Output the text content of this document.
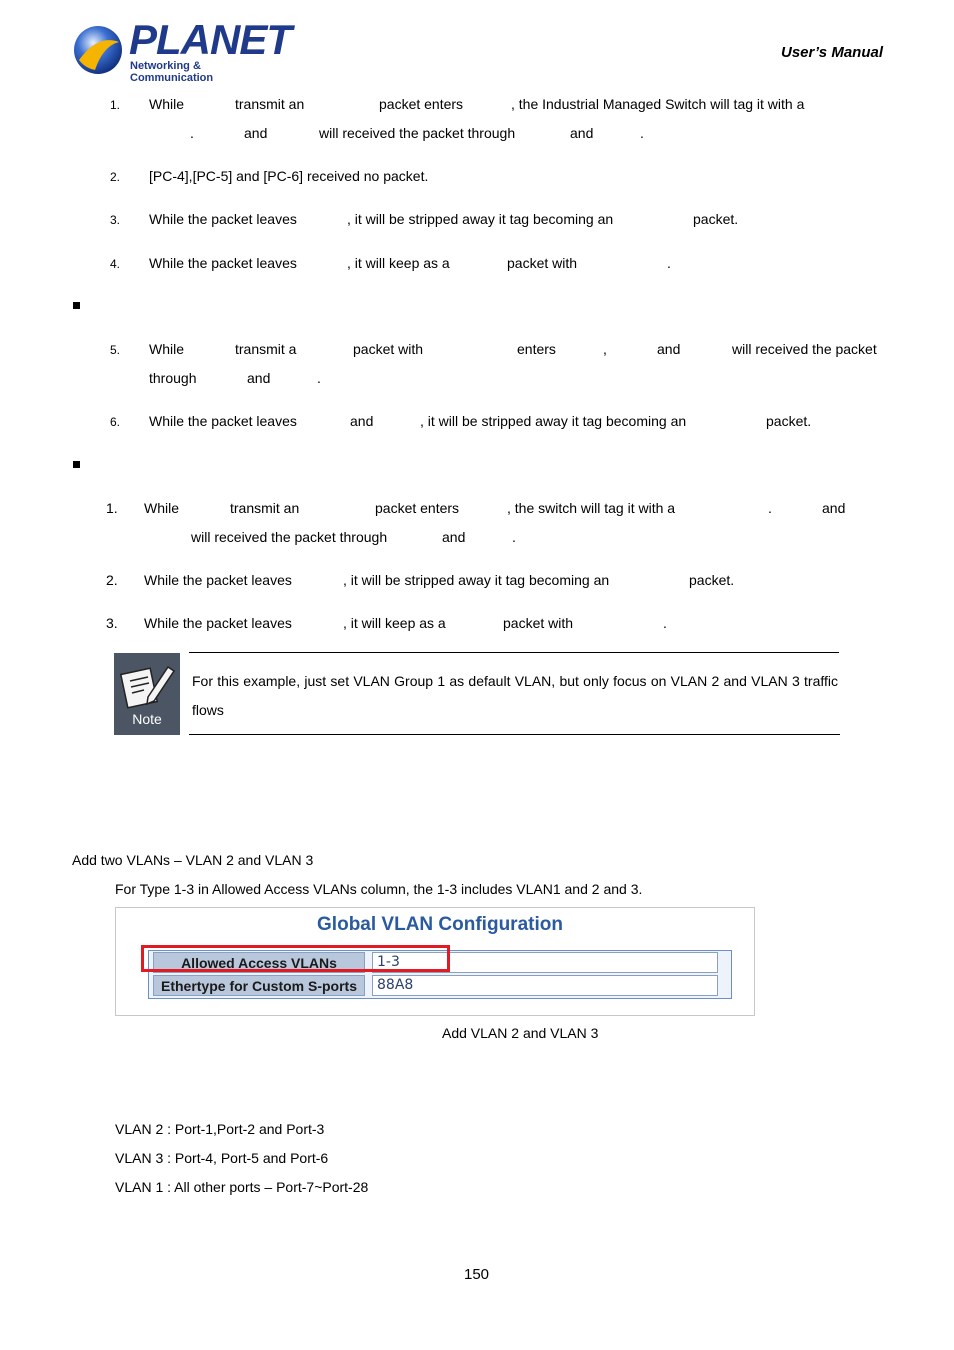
PLANET
Networking & Communication
User’s Manual
1. While	transmit an	packet enters	, the Industrial Managed Switch will tag it with a
.	and	will received the packet through	and	.
2. [PC-4],[PC-5] and [PC-6] received no packet.
3. While the packet leaves	, it will be stripped away it tag becoming an	packet.
4. While the packet leaves	, it will keep as a	packet with	.
5. While	transmit a	packet with	enters	,	and	will received the packet
through	and	.
6. While the packet leaves	and	, it will be stripped away it tag becoming an	packet.
1. While	transmit an	packet enters	, the switch will tag it with a	.	and
will received the packet through	and	.
2. While the packet leaves	, it will be stripped away it tag becoming an	packet.
3. While the packet leaves	, it will keep as a	packet with	.
Note
For this example, just set VLAN Group 1 as default VLAN, but only focus on VLAN 2 and VLAN 3 traffic flows
Add two VLANs – VLAN 2 and VLAN 3
For Type 1-3 in Allowed Access VLANs column, the 1-3 includes VLAN1 and 2 and 3.
Global VLAN Configuration
Allowed Access VLANs	1-3
Ethertype for Custom S-ports	88A8
Add VLAN 2 and VLAN 3
VLAN 2 : Port-1,Port-2 and Port-3
VLAN 3 : Port-4, Port-5 and Port-6
VLAN 1 : All other ports – Port-7~Port-28
150
